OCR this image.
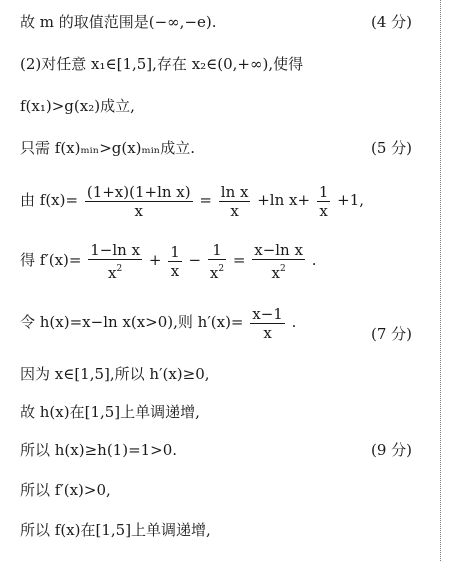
故 m 的取值范围是(−∞,−e).	(4 分)
(2)对任意 x₁∈[1,5],存在 x₂∈(0,+∞),使得
f(x₁)>g(x₂)成立,
只需 f(x)ₘᵢₙ>g(x)ₘᵢₙ成立.	(5 分)
由 $f(x)= \frac{\text{(1+x)(1+ln x)}}{x} = \frac{\text{ln x}}{x} +\ln$ $x+ \frac{1}{x} +1$,
得 $f'(x)= \frac{\text{1−ln x}}{x^2} + \frac{1}{x} - \frac{1}{x^2} = \frac{\text{x−ln x}}{x^2}$ .
令 h(x)=x−ln x(x>0),则 $h'(x)= \frac{x-1}{x}$ .
(7 分)
因为 x∈[1,5],所以 h′(x)≥0,
故 h(x)在[1,5]上单调递增,
所以 h(x)≥h(1)=1>0.	(9 分)
所以 f′(x)>0,
所以 f(x)在[1,5]上单调递增,
